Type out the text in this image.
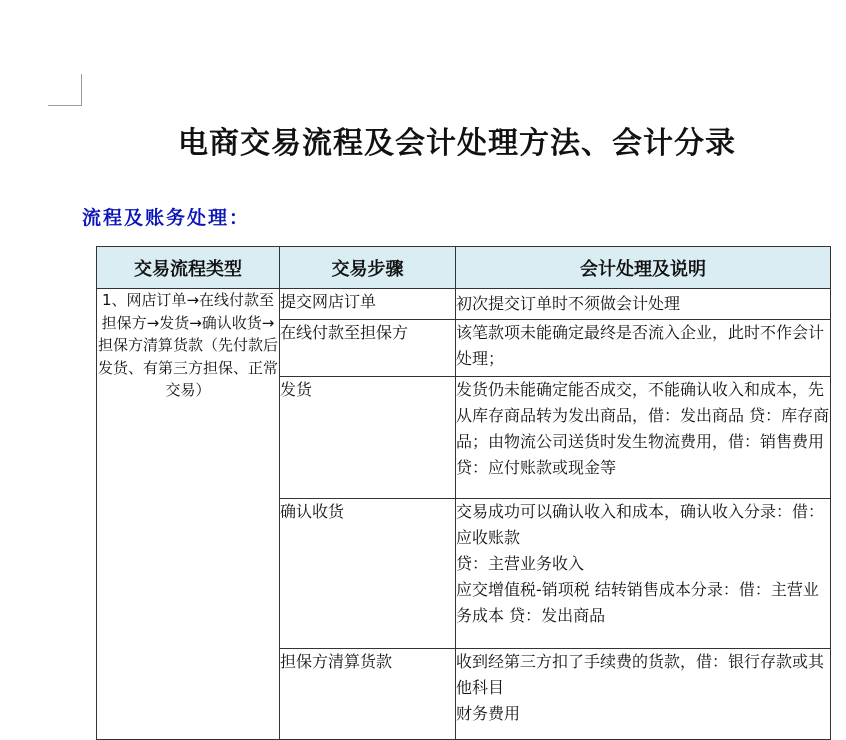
电商交易流程及会计处理方法、会计分录
流程及账务处理：
交易流程类型	交易步骤	会计处理及说明
1、网店订单→在线付款至担保方→发货→确认收货→担保方清算货款（先付款后发货、有第三方担保、正常交易）	提交网店订单	初次提交订单时不须做会计处理
	在线付款至担保方	该笔款项未能确定最终是否流入企业，此时不作会计处理；
	发货	发货仍未能确定能否成交，不能确认收入和成本，先从库存商品转为发出商品，借：发出商品 贷：库存商品；由物流公司送货时发生物流费用，借：销售费用贷：应付账款或现金等
	确认收货	交易成功可以确认收入和成本，确认收入分录：借：应收账款
贷：主营业务收入
应交增值税-销项税 结转销售成本分录：借：主营业务成本 贷：发出商品
	担保方清算货款	收到经第三方扣了手续费的货款，借：银行存款或其他科目
财务费用
